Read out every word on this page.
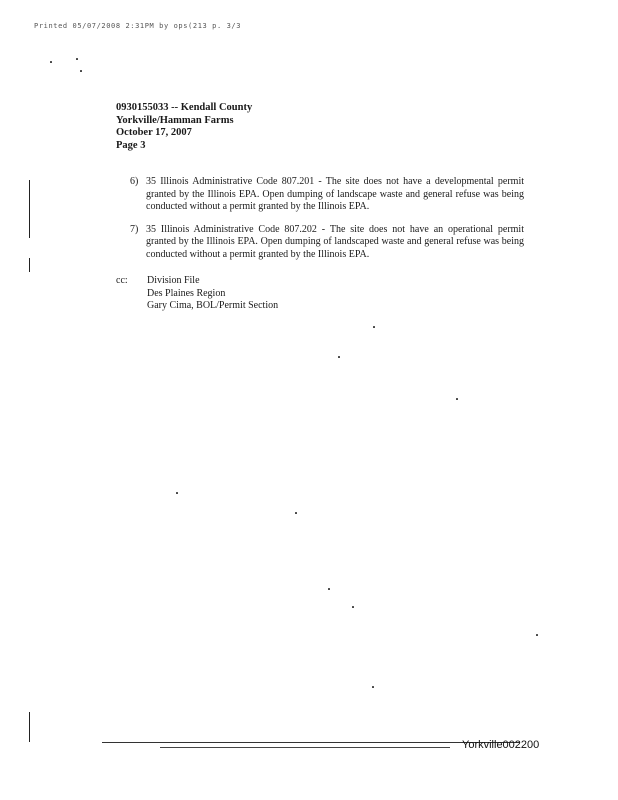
Printed 05/07/2008 2:31PM by ops(213 p. 3/3
0930155033 -- Kendall County
Yorkville/Hamman Farms
October 17, 2007
Page 3
6) 35 Illinois Administrative Code 807.201 - The site does not have a developmental permit granted by the Illinois EPA. Open dumping of landscape waste and general refuse was being conducted without a permit granted by the Illinois EPA.
7) 35 Illinois Administrative Code 807.202 - The site does not have an operational permit granted by the Illinois EPA. Open dumping of landscaped waste and general refuse was being conducted without a permit granted by the Illinois EPA.
cc:	Division File
Des Plaines Region
Gary Cima, BOL/Permit Section
Yorkville002200
